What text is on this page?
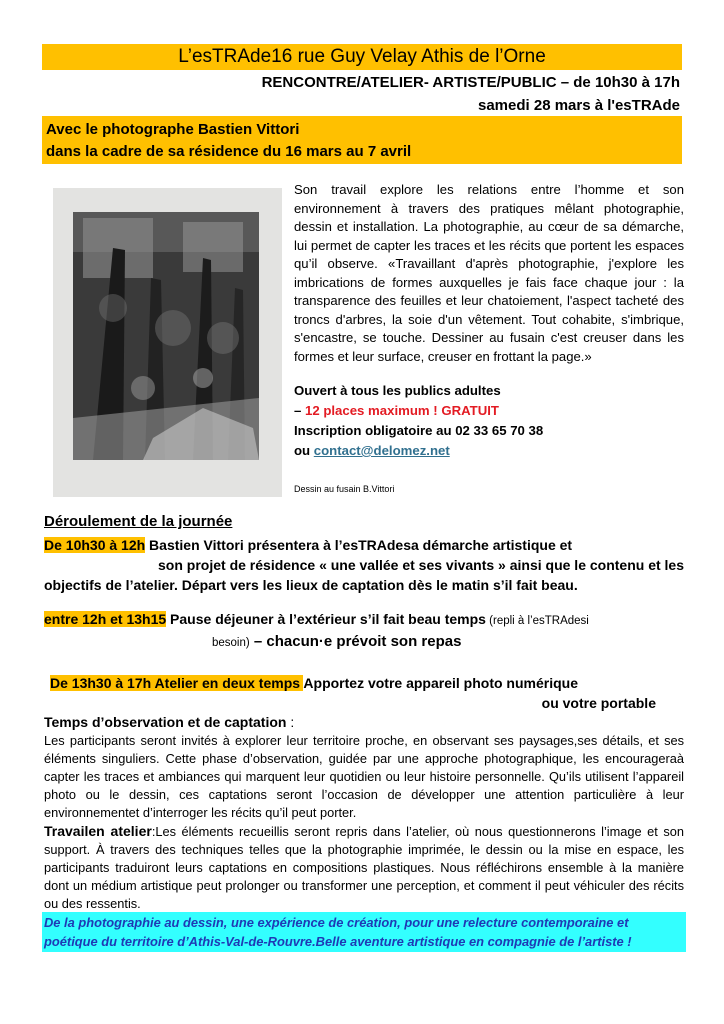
L’esTRAde16 rue Guy Velay Athis de l’Orne
RENCONTRE/ATELIER- ARTISTE/PUBLIC – de 10h30 à 17h
samedi 28 mars à l'esTRAde
Avec le photographe Bastien Vittori
dans la cadre de sa résidence du 16 mars au 7 avril
Son travail explore les relations entre l’homme et son environnement à travers des pratiques mêlant photographie, dessin et installation. La photographie, au cœur de sa démarche, lui permet de capter les traces et les récits que portent les espaces qu’il observe. «Travaillant d'après photographie, j'explore les imbrications de formes auxquelles je fais face chaque jour : la transparence des feuilles et leur chatoiement, l'aspect tacheté des troncs d'arbres, la soie d'un vêtement. Tout cohabite, s'imbrique, s'encastre, se touche. Dessiner au fusain c'est creuser dans les formes et leur surface, creuser en frottant la page.»
Ouvert à tous les publics adultes
– 12 places maximum ! GRATUIT
Inscription obligatoire au 02 33 65 70 38
ou contact@delomez.net
Dessin au fusain B.Vittori
Déroulement de la journée
De 10h30 à 12h Bastien Vittori présentera à l’esTRAdesa démarche artistique et
son projet de résidence « une vallée et ses vivants » ainsi que le contenu et les
objectifs de l’atelier. Départ vers les lieux de captation dès le matin s’il fait beau.
entre 12h et 13h15 Pause déjeuner à l’extérieur s’il fait beau temps (repli à l’esTRAdesi
besoin) – chacun·e prévoit son repas
De 13h30 à 17h Atelier en deux temps Apportez votre appareil photo numérique
ou votre portable
Temps d’observation et de captation :
Les participants seront invités à explorer leur territoire proche, en observant ses paysages,ses détails, et ses éléments singuliers. Cette phase d’observation, guidée par une approche photographique, les encourageraà capter les traces et ambiances qui marquent leur quotidien ou leur histoire personnelle. Qu’ils utilisent l’appareil photo ou le dessin, ces captations seront l’occasion de développer une attention particulière à leur environnementet d’interroger les récits qu’il peut porter.
Travailen atelier:Les éléments recueillis seront repris dans l’atelier, où nous questionnerons l’image et son support. À travers des techniques telles que la photographie imprimée, le dessin ou la mise en espace, les participants traduiront leurs captations en compositions plastiques. Nous réfléchirons ensemble à la manière dont un médium artistique peut prolonger ou transformer une perception, et comment il peut véhiculer des récits ou des ressentis.
De la photographie au dessin, une expérience de création, pour une relecture contemporaine et poétique du territoire d’Athis-Val-de-Rouvre.Belle aventure artistique en compagnie de l’artiste !
